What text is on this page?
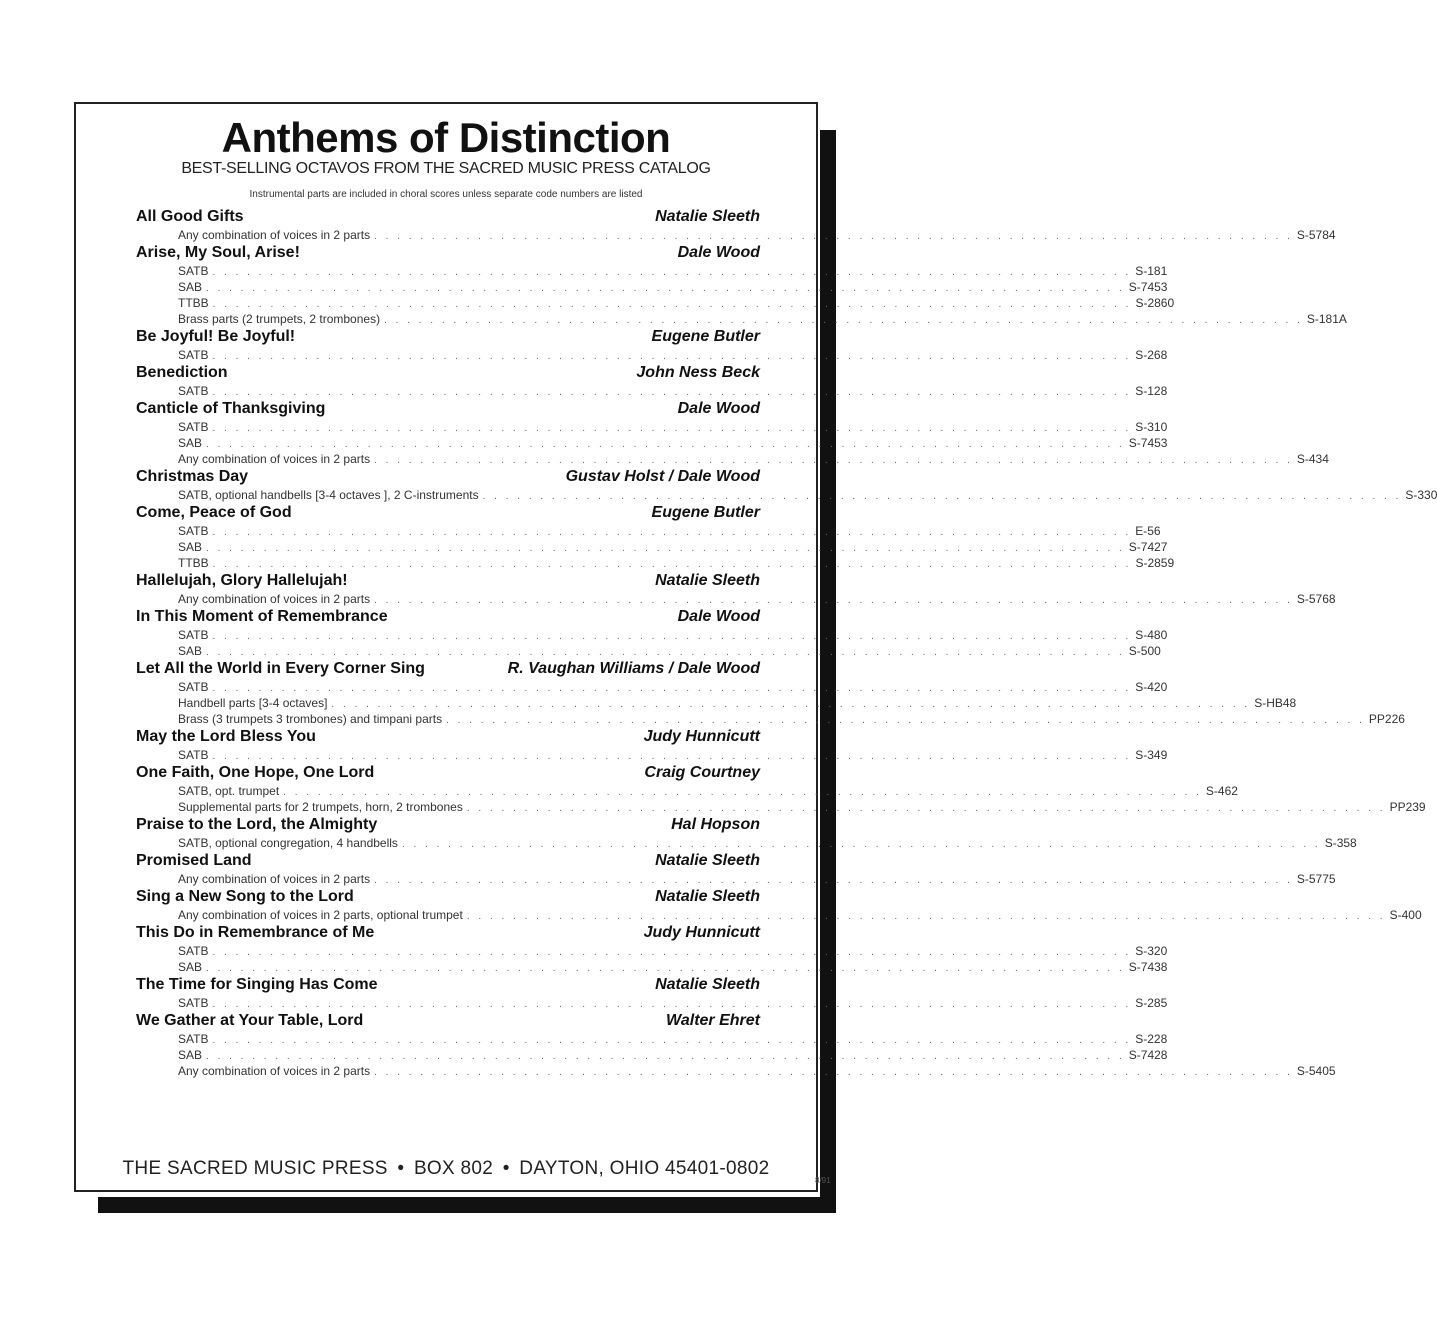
Anthems of Distinction
BEST-SELLING OCTAVOS FROM THE SACRED MUSIC PRESS CATALOG
Instrumental parts are included in choral scores unless separate code numbers are listed
All Good Gifts	Natalie Sleeth
Any combination of voices in 2 parts . . . . . . . . . . . . . . . . . . . . . . . . . . . . . . . . . . . . . . . . . . . . . . . . . . . . . . . . . . . . . . . . . . . . . . . . . . . . . . . . S-5784
Arise, My Soul, Arise!	Dale Wood
SATB . . . . . . . . . . . . . . . . . . . . . . . . . . . . . . . . . . . . . . . . . . . . . . . . . . . . . . . . . . . . . . . . . . . . . . . . . . . . . . . . S-181
SAB . . . . . . . . . . . . . . . . . . . . . . . . . . . . . . . . . . . . . . . . . . . . . . . . . . . . . . . . . . . . . . . . . . . . . . . . . . . . . . . . S-7453
TTBB . . . . . . . . . . . . . . . . . . . . . . . . . . . . . . . . . . . . . . . . . . . . . . . . . . . . . . . . . . . . . . . . . . . . . . . . . . . . . . . . S-2860
Brass parts (2 trumpets, 2 trombones) . . . . . . . . . . . . . . . . . . . . . . . . . . . . . . . . . . . . . . . . . . . . . . . . . . . . . . . . . . . . . . . . . . . . . . . . . . . . . . . . S-181A
Be Joyful! Be Joyful!	Eugene Butler
SATB . . . . . . . . . . . . . . . . . . . . . . . . . . . . . . . . . . . . . . . . . . . . . . . . . . . . . . . . . . . . . . . . . . . . . . . . . . . . . . . . S-268
Benediction	John Ness Beck
SATB . . . . . . . . . . . . . . . . . . . . . . . . . . . . . . . . . . . . . . . . . . . . . . . . . . . . . . . . . . . . . . . . . . . . . . . . . . . . . . . . S-128
Canticle of Thanksgiving	Dale Wood
SATB . . . . . . . . . . . . . . . . . . . . . . . . . . . . . . . . . . . . . . . . . . . . . . . . . . . . . . . . . . . . . . . . . . . . . . . . . . . . . . . . S-310
SAB . . . . . . . . . . . . . . . . . . . . . . . . . . . . . . . . . . . . . . . . . . . . . . . . . . . . . . . . . . . . . . . . . . . . . . . . . . . . . . . . S-7453
Any combination of voices in 2 parts . . . . . . . . . . . . . . . . . . . . . . . . . . . . . . . . . . . . . . . . . . . . . . . . . . . . . . . . . . . . . . . . . . . . . . . . . . . . . . . . S-434
Christmas Day	Gustav Holst / Dale Wood
SATB, optional handbells [3-4 octaves ], 2 C-instruments . . . . . . . . . . . . . . . . . . . . . . . . . . . . . . . . . . . . . . . . . . . . . . . . . . . . . . . . . . . . . . . . . . . . . . . . . . . . . . . . S-330
Come, Peace of God	Eugene Butler
SATB . . . . . . . . . . . . . . . . . . . . . . . . . . . . . . . . . . . . . . . . . . . . . . . . . . . . . . . . . . . . . . . . . . . . . . . . . . . . . . . . E-56
SAB . . . . . . . . . . . . . . . . . . . . . . . . . . . . . . . . . . . . . . . . . . . . . . . . . . . . . . . . . . . . . . . . . . . . . . . . . . . . . . . . S-7427
TTBB . . . . . . . . . . . . . . . . . . . . . . . . . . . . . . . . . . . . . . . . . . . . . . . . . . . . . . . . . . . . . . . . . . . . . . . . . . . . . . . . S-2859
Hallelujah, Glory Hallelujah!	Natalie Sleeth
Any combination of voices in 2 parts . . . . . . . . . . . . . . . . . . . . . . . . . . . . . . . . . . . . . . . . . . . . . . . . . . . . . . . . . . . . . . . . . . . . . . . . . . . . . . . . S-5768
In This Moment of Remembrance	Dale Wood
SATB . . . . . . . . . . . . . . . . . . . . . . . . . . . . . . . . . . . . . . . . . . . . . . . . . . . . . . . . . . . . . . . . . . . . . . . . . . . . . . . . S-480
SAB . . . . . . . . . . . . . . . . . . . . . . . . . . . . . . . . . . . . . . . . . . . . . . . . . . . . . . . . . . . . . . . . . . . . . . . . . . . . . . . . S-500
Let All the World in Every Corner Sing	R. Vaughan Williams / Dale Wood
SATB . . . . . . . . . . . . . . . . . . . . . . . . . . . . . . . . . . . . . . . . . . . . . . . . . . . . . . . . . . . . . . . . . . . . . . . . . . . . . . . . S-420
Handbell parts [3-4 octaves] . . . . . . . . . . . . . . . . . . . . . . . . . . . . . . . . . . . . . . . . . . . . . . . . . . . . . . . . . . . . . . . . . . . . . . . . . . . . . . . . S-HB48
Brass (3 trumpets 3 trombones) and timpani parts . . . . . . . . . . . . . . . . . . . . . . . . . . . . . . . . . . . . . . . . . . . . . . . . . . . . . . . . . . . . . . . . . . . . . . . . . . . . . . . . PP226
May the Lord Bless You	Judy Hunnicutt
SATB . . . . . . . . . . . . . . . . . . . . . . . . . . . . . . . . . . . . . . . . . . . . . . . . . . . . . . . . . . . . . . . . . . . . . . . . . . . . . . . . S-349
One Faith, One Hope, One Lord	Craig Courtney
SATB, opt. trumpet . . . . . . . . . . . . . . . . . . . . . . . . . . . . . . . . . . . . . . . . . . . . . . . . . . . . . . . . . . . . . . . . . . . . . . . . . . . . . . . . S-462
Supplemental parts for 2 trumpets, horn, 2 trombones . . . . . . . . . . . . . . . . . . . . . . . . . . . . . . . . . . . . . . . . . . . . . . . . . . . . . . . . . . . . . . . . . . . . . . . . . . . . . . . . PP239
Praise to the Lord, the Almighty	Hal Hopson
SATB, optional congregation, 4 handbells . . . . . . . . . . . . . . . . . . . . . . . . . . . . . . . . . . . . . . . . . . . . . . . . . . . . . . . . . . . . . . . . . . . . . . . . . . . . . . . . S-358
Promised Land	Natalie Sleeth
Any combination of voices in 2 parts . . . . . . . . . . . . . . . . . . . . . . . . . . . . . . . . . . . . . . . . . . . . . . . . . . . . . . . . . . . . . . . . . . . . . . . . . . . . . . . . S-5775
Sing a New Song to the Lord	Natalie Sleeth
Any combination of voices in 2 parts, optional trumpet . . . . . . . . . . . . . . . . . . . . . . . . . . . . . . . . . . . . . . . . . . . . . . . . . . . . . . . . . . . . . . . . . . . . . . . . . . . . . . . . S-400
This Do in Remembrance of Me	Judy Hunnicutt
SATB . . . . . . . . . . . . . . . . . . . . . . . . . . . . . . . . . . . . . . . . . . . . . . . . . . . . . . . . . . . . . . . . . . . . . . . . . . . . . . . . S-320
SAB . . . . . . . . . . . . . . . . . . . . . . . . . . . . . . . . . . . . . . . . . . . . . . . . . . . . . . . . . . . . . . . . . . . . . . . . . . . . . . . . S-7438
The Time for Singing Has Come	Natalie Sleeth
SATB . . . . . . . . . . . . . . . . . . . . . . . . . . . . . . . . . . . . . . . . . . . . . . . . . . . . . . . . . . . . . . . . . . . . . . . . . . . . . . . . S-285
We Gather at Your Table, Lord	Walter Ehret
SATB . . . . . . . . . . . . . . . . . . . . . . . . . . . . . . . . . . . . . . . . . . . . . . . . . . . . . . . . . . . . . . . . . . . . . . . . . . . . . . . . S-228
SAB . . . . . . . . . . . . . . . . . . . . . . . . . . . . . . . . . . . . . . . . . . . . . . . . . . . . . . . . . . . . . . . . . . . . . . . . . . . . . . . . S-7428
Any combination of voices in 2 parts . . . . . . . . . . . . . . . . . . . . . . . . . . . . . . . . . . . . . . . . . . . . . . . . . . . . . . . . . . . . . . . . . . . . . . . . . . . . . . . . S-5405
THE SACRED MUSIC PRESS • BOX 802 • DAYTON, OHIO 45401-0802
8/91
